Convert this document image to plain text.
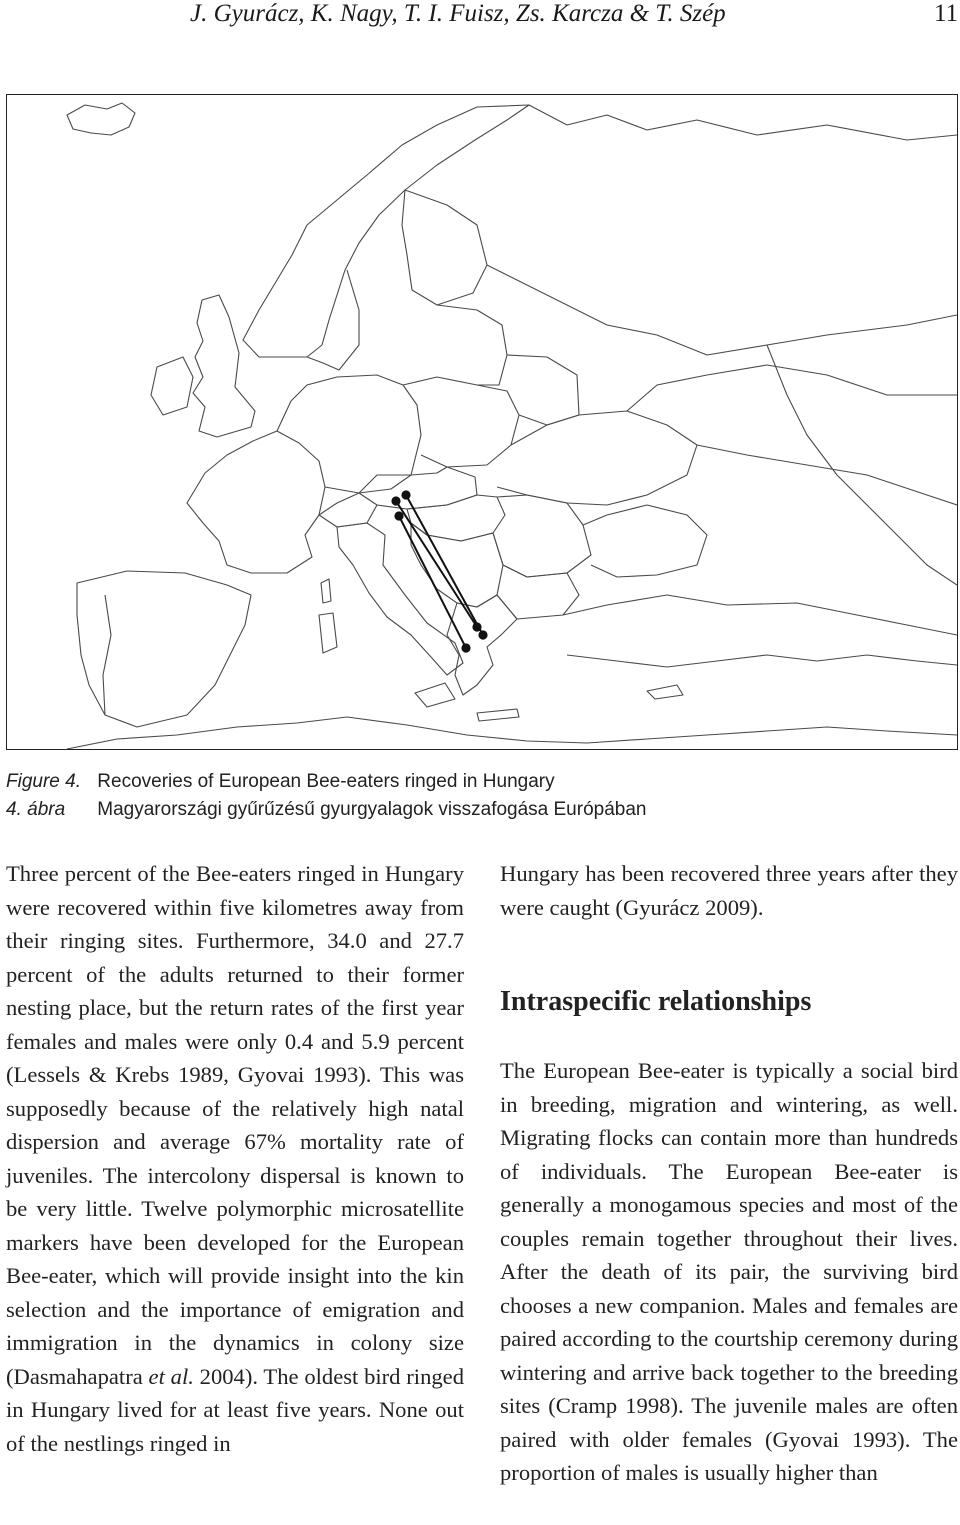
J. Gyurácz, K. Nagy, T. I. Fuisz, Zs. Karcza & T. Szép	11
Figure 4. Recoveries of European Bee-eaters ringed in Hungary
4. ábra Magyarországi gyűrűzésű gyurgyalagok visszafogása Európában

Three percent of the Bee-eaters ringed in Hungary were recovered within five kilometres away from their ringing sites. Furthermore, 34.0 and 27.7 percent of the adults returned to their former nesting place, but the return rates of the first year females and males were only 0.4 and 5.9 percent (Lessels & Krebs 1989, Gyovai 1993). This was supposedly because of the relatively high natal dispersion and average 67% mortality rate of juveniles. The intercolony dispersal is known to be very little. Twelve polymorphic microsatellite markers have been developed for the European Bee-eater, which will provide insight into the kin selection and the importance of emigration and immigration in the dynamics in colony size (Dasmahapatra et al. 2004). The oldest bird ringed in Hungary lived for at least five years. None out of the nestlings ringed in

Hungary has been recovered three years after they were caught (Gyurácz 2009).

Intraspecific relationships

The European Bee-eater is typically a social bird in breeding, migration and wintering, as well. Migrating flocks can contain more than hundreds of individuals. The European Bee-eater is generally a monogamous species and most of the couples remain together throughout their lives. After the death of its pair, the surviving bird chooses a new companion. Males and females are paired according to the courtship ceremony during wintering and arrive back together to the breeding sites (Cramp 1998). The juvenile males are often paired with older females (Gyovai 1993). The proportion of males is usually higher than
